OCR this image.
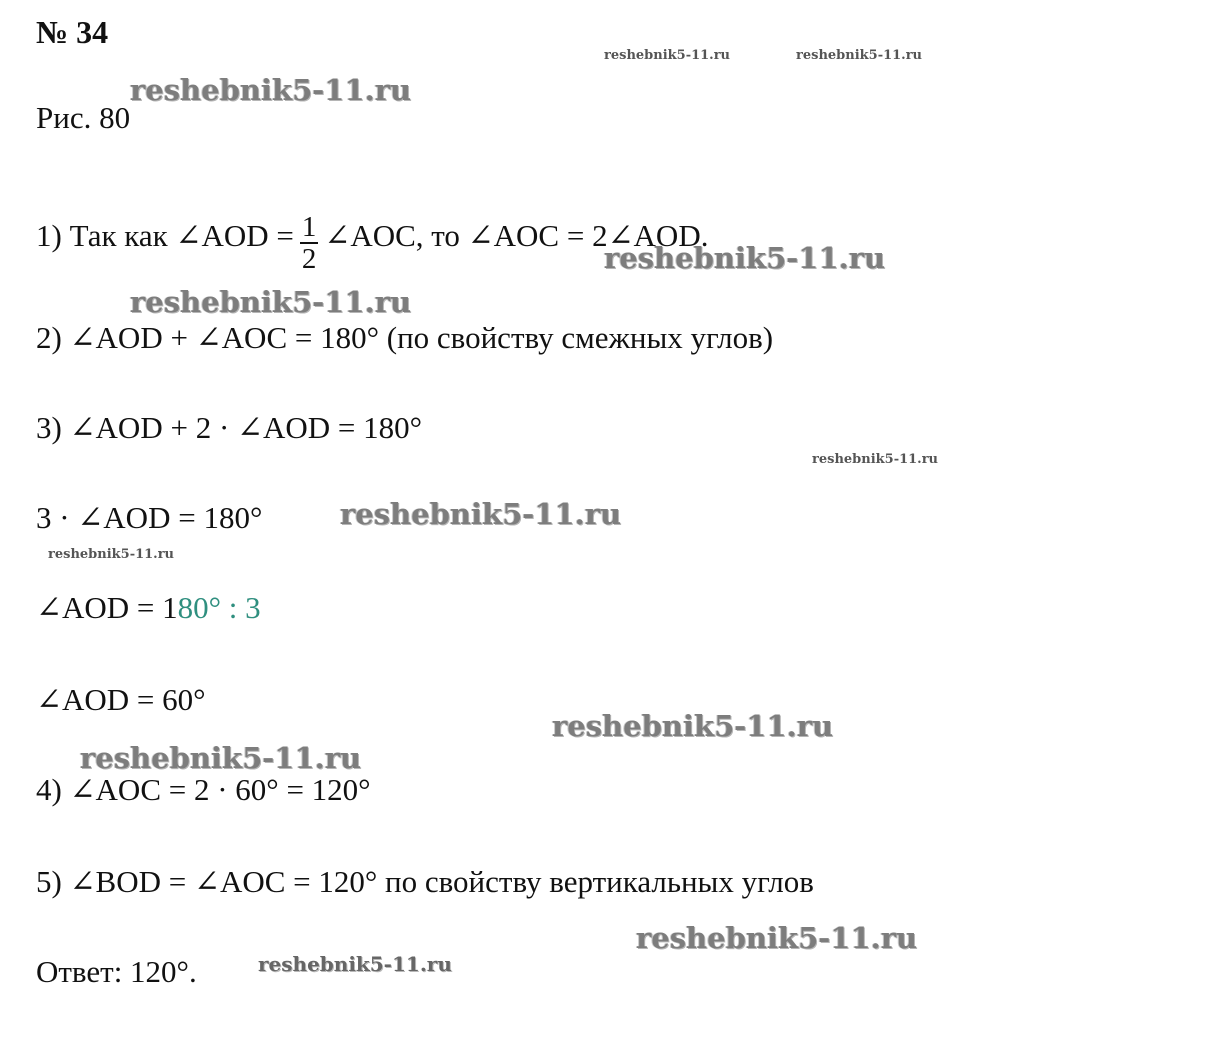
№ 34
Рис. 80
1) Так как ∠AOD = $\frac{1}{2}$ ∠AOC, то ∠AOC = 2∠AOD.
2) ∠AOD + ∠AOC = 180° (по свойству смежных углов)
3) ∠AOD + 2 · ∠AOD = 180°
3 · ∠AOD = 180°
∠AOD = 180° : 3
∠AOD = 60°
4) ∠AOC = 2 · 60° = 120°
5) ∠BOD = ∠AOC = 120° по свойству вертикальных углов
Ответ: 120°.
reshebnik5-11.ru	reshebnik5-11.ru
reshebnik5-11.ru
reshebnik5-11.ru
reshebnik5-11.ru
reshebnik5-11.ru
reshebnik5-11.ru
reshebnik5-11.ru
reshebnik5-11.ru
reshebnik5-11.ru
reshebnik5-11.ru
reshebnik5-11.ru
